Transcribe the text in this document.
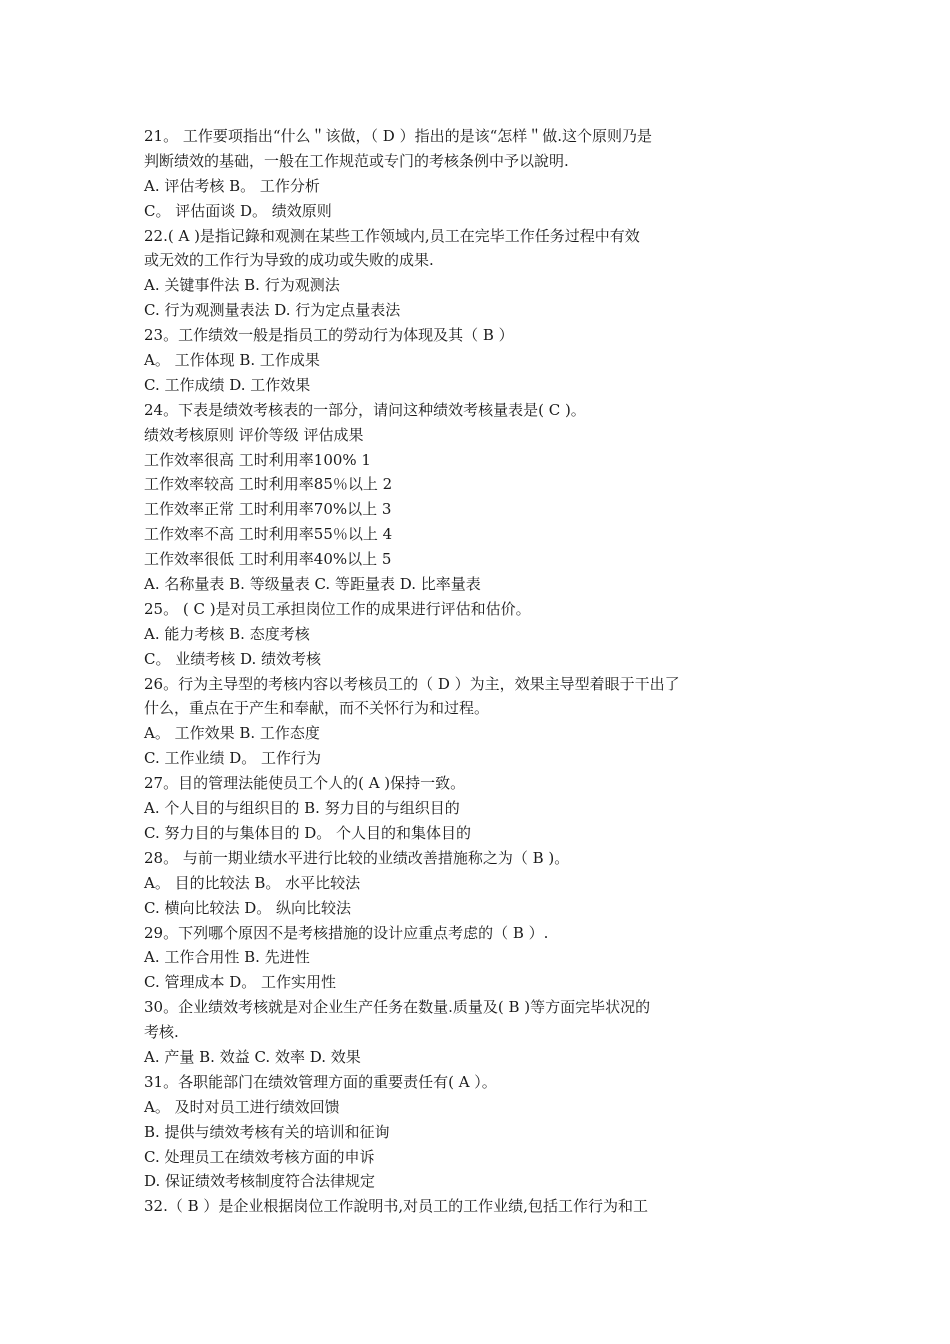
21。 工作要项指出“什么＂该做，（ D ）指出的是该“怎样＂做.这个原则乃是
判断绩效的基础，一般在工作规范或专门的考核条例中予以說明.
A. 评估考核 B。 工作分析
C。 评估面谈 D。 绩效原则
22.( A )是指记錄和观测在某些工作领域内,员工在完毕工作任务过程中有效
或无效的工作行为导致的成功或失败的成果.
A. 关键事件法 B. 行为观测法
C. 行为观测量表法 D. 行为定点量表法
23。工作绩效一般是指员工的勞动行为体现及其（ B ）
A。 工作体现 B. 工作成果
C. 工作成绩 D. 工作效果
24。下表是绩效考核表的一部分，请问这种绩效考核量表是( C )。
绩效考核原则 评价等级 评估成果
工作效率很高 工时利用率100% 1
工作效率较高 工时利用率85％以上 2
工作效率正常 工时利用率70%以上 3
工作效率不高 工时利用率55％以上 4
工作效率很低 工时利用率40%以上 5
A. 名称量表 B. 等级量表 C. 等距量表 D. 比率量表
25。 ( C )是对员工承担岗位工作的成果进行评估和估价。
A. 能力考核 B. 态度考核
C。 业绩考核 D. 绩效考核
26。行为主导型的考核内容以考核员工的（ D ）为主，效果主导型着眼于干出了
什么，重点在于产生和奉献，而不关怀行为和过程。
A。 工作效果 B. 工作态度
C. 工作业绩 D。 工作行为
27。目的管理法能使员工个人的( A )保持一致。
A. 个人目的与组织目的 B. 努力目的与组织目的
C. 努力目的与集体目的 D。 个人目的和集体目的
28。 与前一期业绩水平进行比较的业绩改善措施称之为（ B )。
A。 目的比较法 B。 水平比较法
C. 横向比较法 D。 纵向比较法
29。下列哪个原因不是考核措施的设计应重点考虑的（ B ）.
A. 工作合用性 B. 先进性
C. 管理成本 D。 工作实用性
30。企业绩效考核就是对企业生产任务在数量.质量及( B )等方面完毕状况的
考核.
A. 产量 B. 效益 C. 效率 D. 效果
31。各职能部门在绩效管理方面的重要责任有( A ）。
A。 及时对员工进行绩效回馈
B. 提供与绩效考核有关的培训和征询
C. 处理员工在绩效考核方面的申诉
D. 保证绩效考核制度符合法律规定
32.（ B ）是企业根据岗位工作說明书,对员工的工作业绩,包括工作行为和工
